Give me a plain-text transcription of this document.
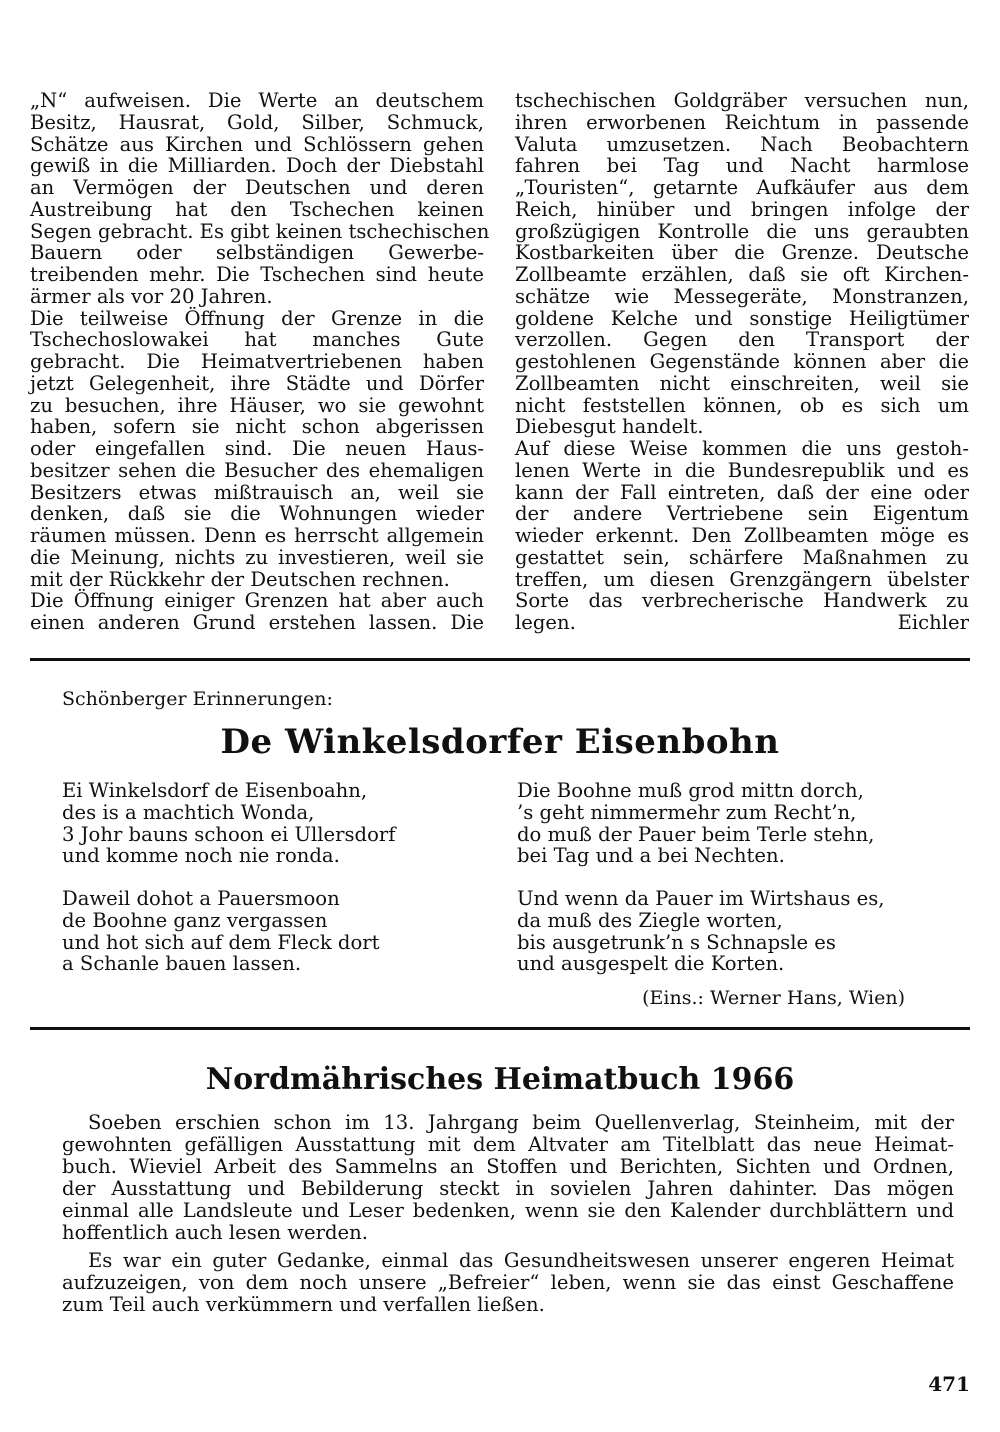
„N“ aufweisen. Die Werte an deutschem
Besitz, Hausrat, Gold, Silber, Schmuck,
Schätze aus Kirchen und Schlössern gehen
gewiß in die Milliarden. Doch der Diebstahl
an Vermögen der Deutschen und deren
Austreibung hat den Tschechen keinen
Segen gebracht. Es gibt keinen tschechischen
Bauern oder selbständigen Gewerbe-
treibenden mehr. Die Tschechen sind heute
ärmer als vor 20 Jahren.
Die teilweise Öffnung der Grenze in die
Tschechoslowakei hat manches Gute
gebracht. Die Heimatvertriebenen haben
jetzt Gelegenheit, ihre Städte und Dörfer
zu besuchen, ihre Häuser, wo sie gewohnt
haben, sofern sie nicht schon abgerissen
oder eingefallen sind. Die neuen Haus-
besitzer sehen die Besucher des ehemaligen
Besitzers etwas mißtrauisch an, weil sie
denken, daß sie die Wohnungen wieder
räumen müssen. Denn es herrscht allgemein
die Meinung, nichts zu investieren, weil sie
mit der Rückkehr der Deutschen rechnen.
Die Öffnung einiger Grenzen hat aber auch
einen anderen Grund erstehen lassen. Die
tschechischen Goldgräber versuchen nun,
ihren erworbenen Reichtum in passende
Valuta umzusetzen. Nach Beobachtern
fahren bei Tag und Nacht harmlose
„Touristen“, getarnte Aufkäufer aus dem
Reich, hinüber und bringen infolge der
großzügigen Kontrolle die uns geraubten
Kostbarkeiten über die Grenze. Deutsche
Zollbeamte erzählen, daß sie oft Kirchen-
schätze wie Messegeräte, Monstranzen,
goldene Kelche und sonstige Heiligtümer
verzollen. Gegen den Transport der
gestohlenen Gegenstände können aber die
Zollbeamten nicht einschreiten, weil sie
nicht feststellen können, ob es sich um
Diebesgut handelt.
Auf diese Weise kommen die uns gestoh-
lenen Werte in die Bundesrepublik und es
kann der Fall eintreten, daß der eine oder
der andere Vertriebene sein Eigentum
wieder erkennt. Den Zollbeamten möge es
gestattet sein, schärfere Maßnahmen zu
treffen, um diesen Grenzgängern übelster
Sorte das verbrecherische Handwerk zu
legen.	Eichler
Schönberger Erinnerungen:
De Winkelsdorfer Eisenbohn
Ei Winkelsdorf de Eisenboahn,
des is a machtich Wonda,
3 Johr bauns schoon ei Ullersdorf
und komme noch nie ronda.
Daweil dohot a Pauersmoon
de Boohne ganz vergassen
und hot sich auf dem Fleck dort
a Schanle bauen lassen.
Die Boohne muß grod mittn dorch,
’s geht nimmermehr zum Recht’n,
do muß der Pauer beim Terle stehn,
bei Tag und a bei Nechten.
Und wenn da Pauer im Wirtshaus es,
da muß des Ziegle worten,
bis ausgetrunk’n s Schnapsle es
und ausgespelt die Korten.
(Eins.: Werner Hans, Wien)
Nordmährisches Heimatbuch 1966
Soeben erschien schon im 13. Jahrgang beim Quellenverlag, Steinheim, mit der
gewohnten gefälligen Ausstattung mit dem Altvater am Titelblatt das neue Heimat-
buch. Wieviel Arbeit des Sammelns an Stoffen und Berichten, Sichten und Ordnen,
der Ausstattung und Bebilderung steckt in sovielen Jahren dahinter. Das mögen
einmal alle Landsleute und Leser bedenken, wenn sie den Kalender durchblättern und
hoffentlich auch lesen werden.
Es war ein guter Gedanke, einmal das Gesundheitswesen unserer engeren Heimat
aufzuzeigen, von dem noch unsere „Befreier“ leben, wenn sie das einst Geschaffene
zum Teil auch verkümmern und verfallen ließen.
471
